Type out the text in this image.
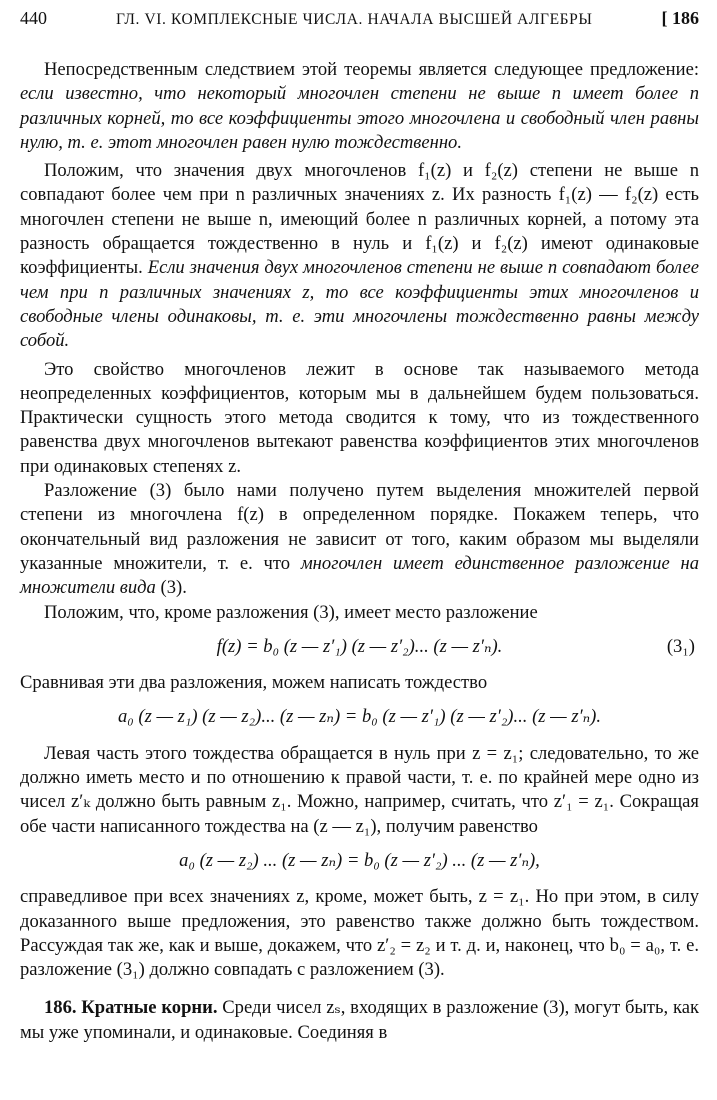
440	ГЛ. VI. КОМПЛЕКСНЫЕ ЧИСЛА. НАЧАЛА ВЫСШЕЙ АЛГЕБРЫ	[ 186

Непосредственным следствием этой теоремы является следующее предложение: если известно, что некоторый многочлен степени не выше n имеет более n различных корней, то все коэффициенты этого многочлена и свободный член равны нулю, т. е. этот многочлен равен нулю тождественно.

Положим, что значения двух многочленов f₁(z) и f₂(z) степени не выше n совпадают более чем при n различных значениях z. Их разность f₁(z) — f₂(z) есть многочлен степени не выше n, имеющий более n различных корней, а потому эта разность обращается тождественно в нуль и f₁(z) и f₂(z) имеют одинаковые коэффициенты. Если значения двух многочленов степени не выше n совпадают более чем при n различных значениях z, то все коэффициенты этих многочленов и свободные члены одинаковы, т. е. эти многочлены тождественно равны между собой.

Это свойство многочленов лежит в основе так называемого метода неопределенных коэффициентов, которым мы в дальнейшем будем пользоваться. Практически сущность этого метода сводится к тому, что из тождественного равенства двух многочленов вытекают равенства коэффициентов этих многочленов при одинаковых степенях z.

Разложение (3) было нами получено путем выделения множителей первой степени из многочлена f(z) в определенном порядке. Покажем теперь, что окончательный вид разложения не зависит от того, каким образом мы выделяли указанные множители, т. е. что многочлен имеет единственное разложение на множители вида (3).

Положим, что, кроме разложения (3), имеет место разложение

f(z) = b₀ (z — z′₁) (z — z′₂)... (z — z′ₙ).	(3₁)

Сравнивая эти два разложения, можем написать тождество

a₀ (z — z₁) (z — z₂)... (z — zₙ) = b₀ (z — z′₁) (z — z′₂)... (z — z′ₙ).

Левая часть этого тождества обращается в нуль при z = z₁; следовательно, то же должно иметь место и по отношению к правой части, т. е. по крайней мере одно из чисел z′ₖ должно быть равным z₁. Можно, например, считать, что z′₁ = z₁. Сокращая обе части написанного тождества на (z — z₁), получим равенство

a₀ (z — z₂) ... (z — zₙ) = b₀ (z — z′₂) ... (z — z′ₙ),

справедливое при всех значениях z, кроме, может быть, z = z₁. Но при этом, в силу доказанного выше предложения, это равенство также должно быть тождеством. Рассуждая так же, как и выше, докажем, что z′₂ = z₂ и т. д. и, наконец, что b₀ = a₀, т. е. разложение (3₁) должно совпадать с разложением (3).

186. Кратные корни. Среди чисел zₛ, входящих в разложение (3), могут быть, как мы уже упоминали, и одинаковые. Соединяя в
